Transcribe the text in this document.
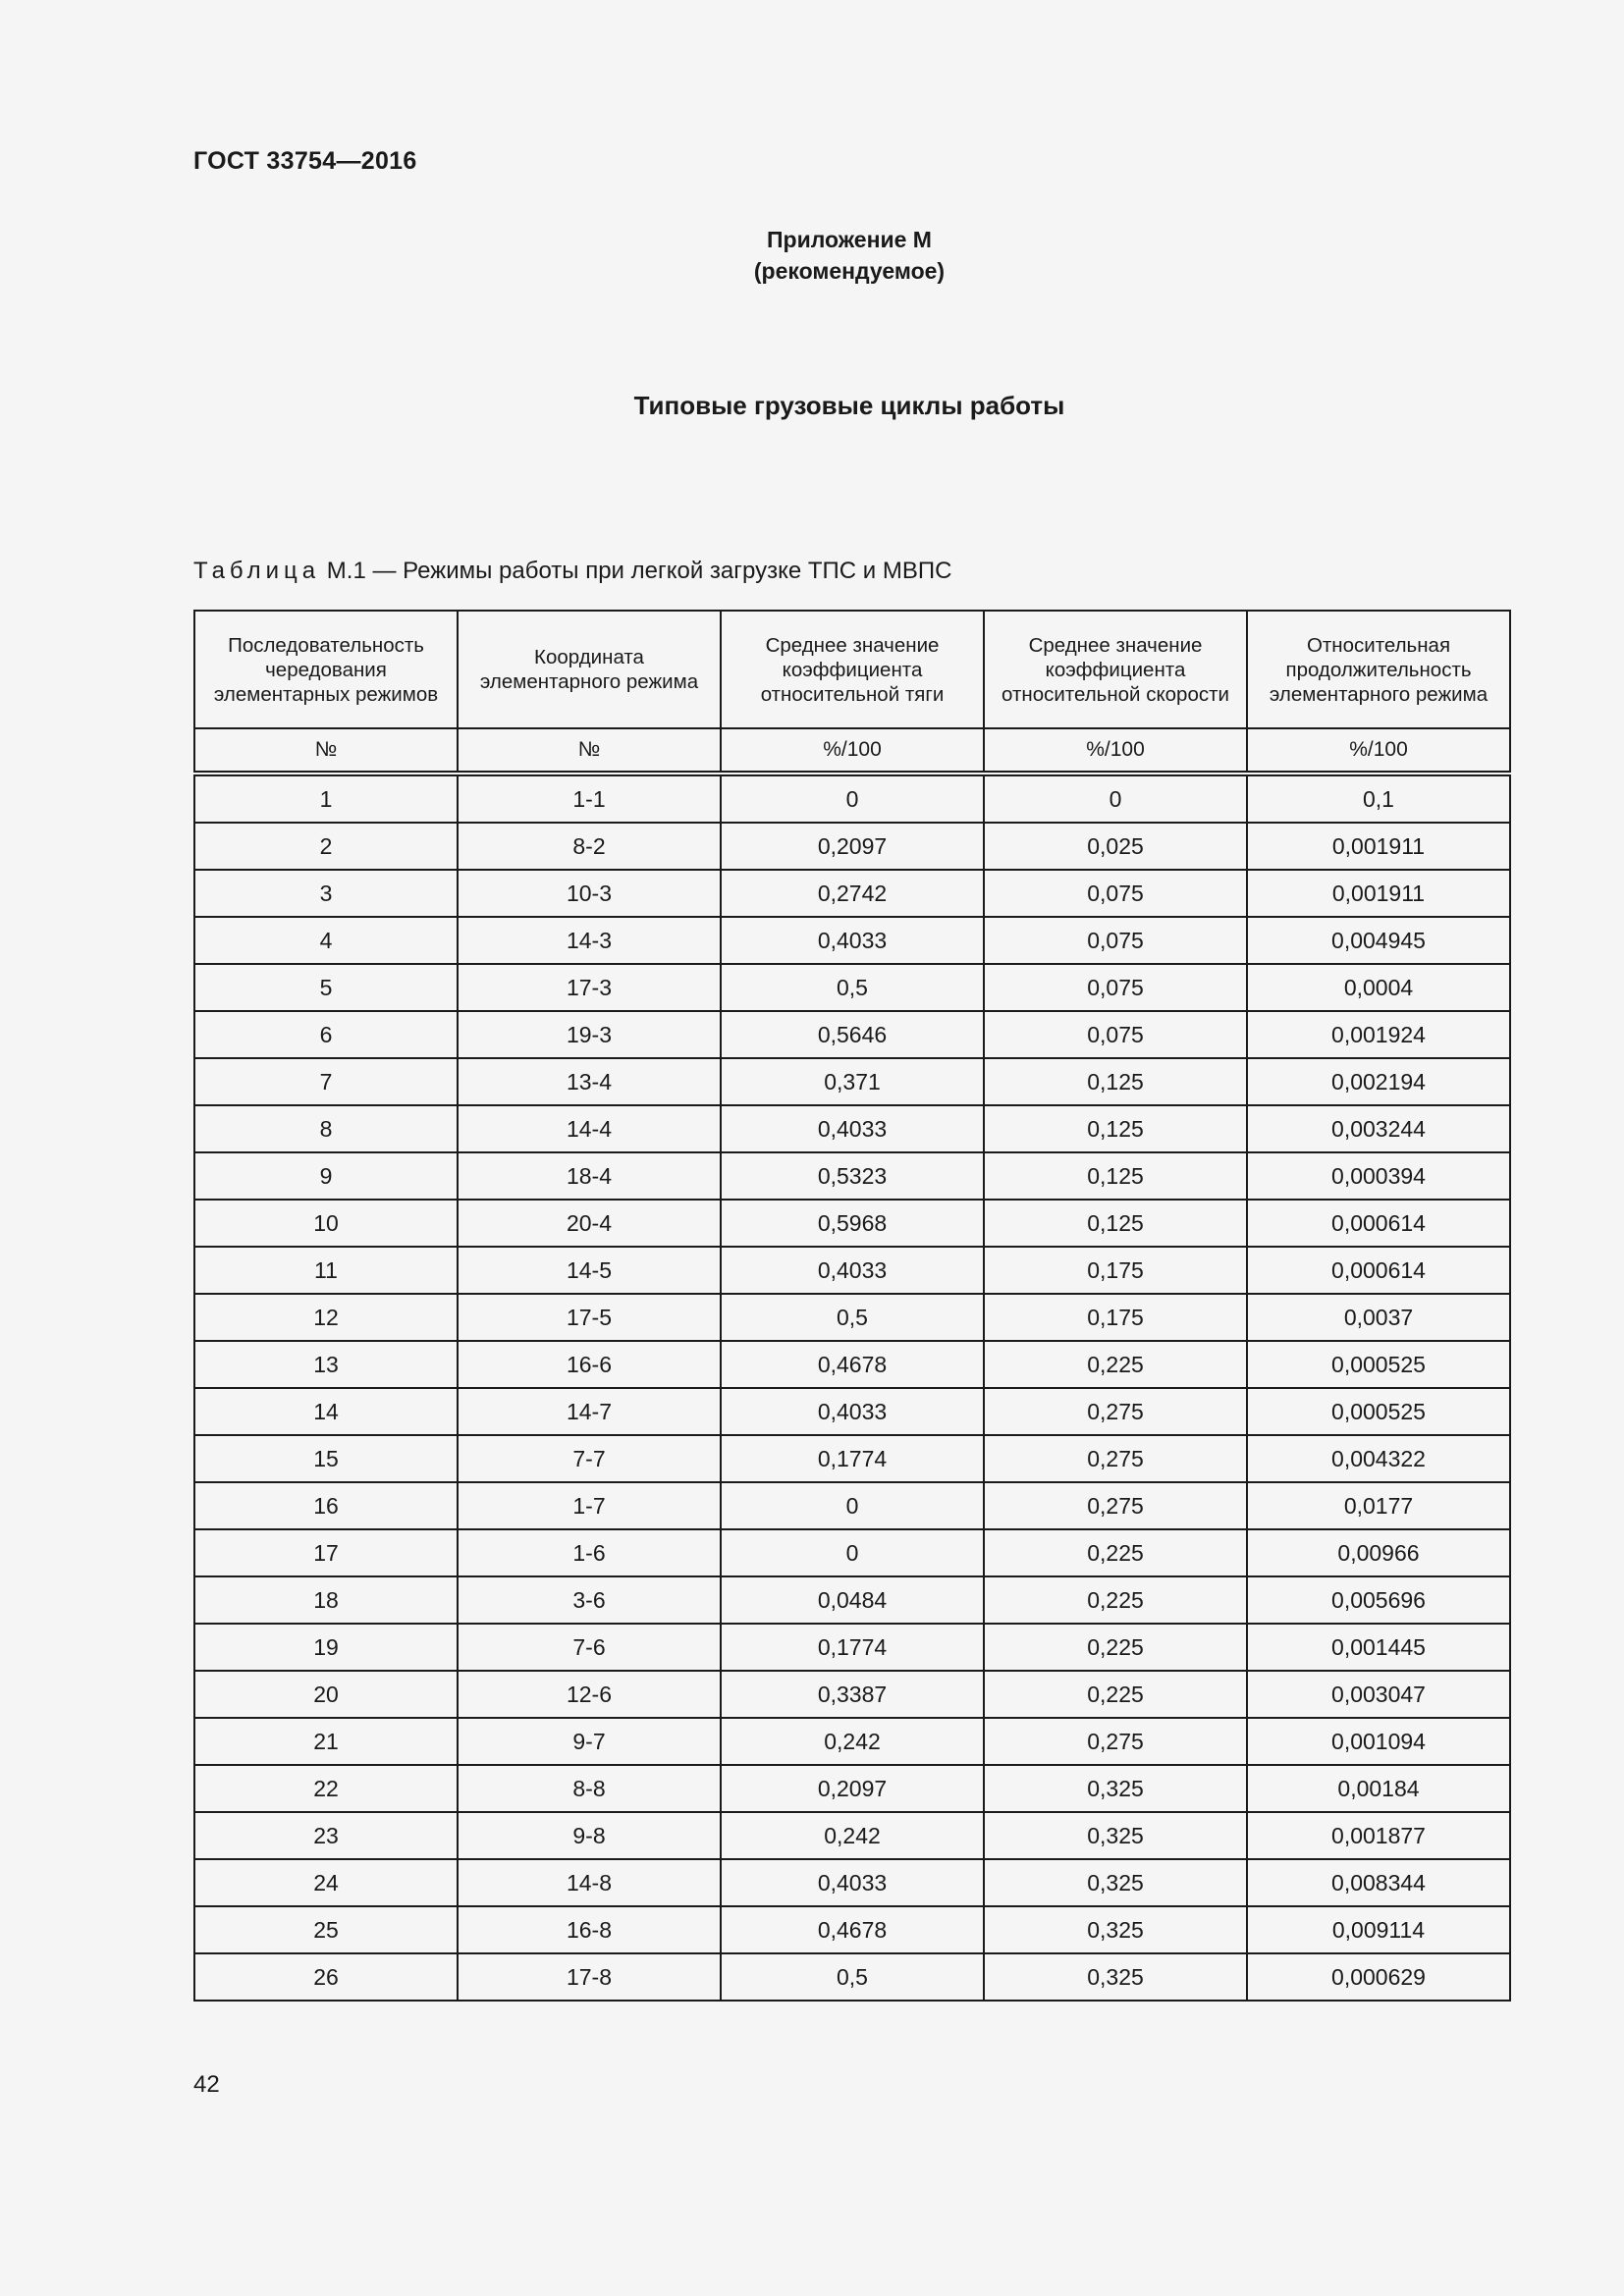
ГОСТ 33754—2016
Приложение М
(рекомендуемое)
Типовые грузовые циклы работы
Таблица М.1 — Режимы работы при легкой загрузке ТПС и МВПС
Последовательность чередования элементарных режимов	Координата элементарного режима	Среднее значение коэффициента относительной тяги	Среднее значение коэффициента относительной скорости	Относительная продолжительность элементарного режима
№	№	%/100	%/100	%/100
1	1-1	0	0	0,1
2	8-2	0,2097	0,025	0,001911
3	10-3	0,2742	0,075	0,001911
4	14-3	0,4033	0,075	0,004945
5	17-3	0,5	0,075	0,0004
6	19-3	0,5646	0,075	0,001924
7	13-4	0,371	0,125	0,002194
8	14-4	0,4033	0,125	0,003244
9	18-4	0,5323	0,125	0,000394
10	20-4	0,5968	0,125	0,000614
11	14-5	0,4033	0,175	0,000614
12	17-5	0,5	0,175	0,0037
13	16-6	0,4678	0,225	0,000525
14	14-7	0,4033	0,275	0,000525
15	7-7	0,1774	0,275	0,004322
16	1-7	0	0,275	0,0177
17	1-6	0	0,225	0,00966
18	3-6	0,0484	0,225	0,005696
19	7-6	0,1774	0,225	0,001445
20	12-6	0,3387	0,225	0,003047
21	9-7	0,242	0,275	0,001094
22	8-8	0,2097	0,325	0,00184
23	9-8	0,242	0,325	0,001877
24	14-8	0,4033	0,325	0,008344
25	16-8	0,4678	0,325	0,009114
26	17-8	0,5	0,325	0,000629
42
